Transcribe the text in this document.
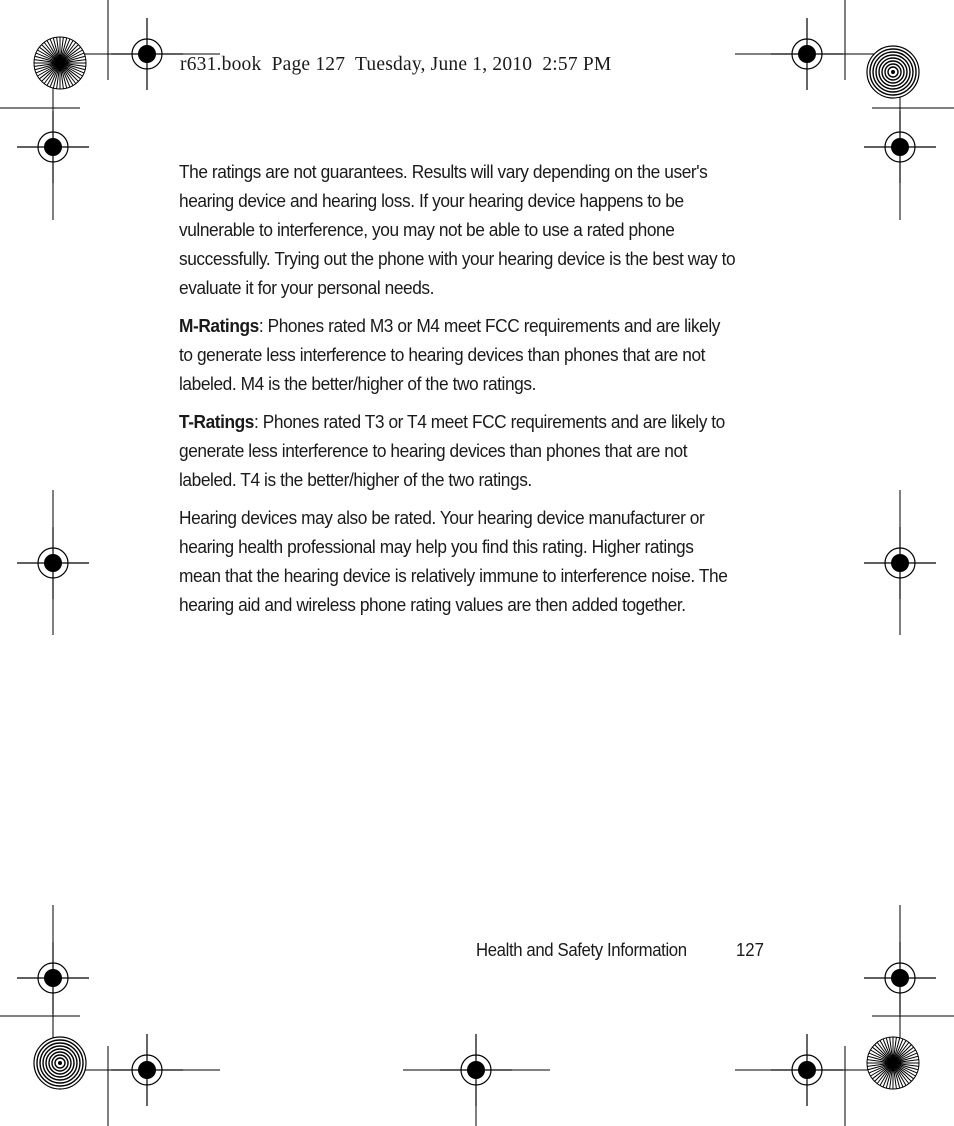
r631.book  Page 127  Tuesday, June 1, 2010  2:57 PM

The ratings are not guarantees. Results will vary depending on the user's hearing device and hearing loss. If your hearing device happens to be vulnerable to interference, you may not be able to use a rated phone successfully. Trying out the phone with your hearing device is the best way to evaluate it for your personal needs.

M-Ratings: Phones rated M3 or M4 meet FCC requirements and are likely to generate less interference to hearing devices than phones that are not labeled. M4 is the better/higher of the two ratings.

T-Ratings: Phones rated T3 or T4 meet FCC requirements and are likely to generate less interference to hearing devices than phones that are not labeled. T4 is the better/higher of the two ratings.

Hearing devices may also be rated. Your hearing device manufacturer or hearing health professional may help you find this rating. Higher ratings mean that the hearing device is relatively immune to interference noise. The hearing aid and wireless phone rating values are then added together.

Health and Safety Information	127
